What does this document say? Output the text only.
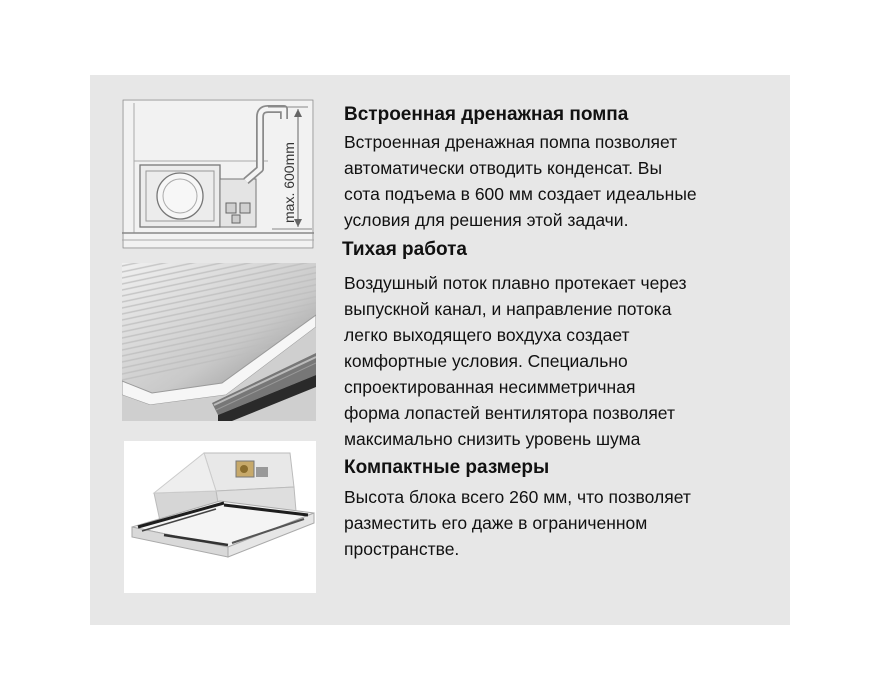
max. 600mm
Встроенная дренажная помпа
Встроенная дренажная помпа позволяет
автоматически отводить конденсат. Вы
сота подъема в 600 мм создает идеальные
условия для решения этой задачи.
Тихая работа
Воздушный поток плавно протекает через
выпускной канал, и направление потока
легко выходящего вохдуха создает
комфортные условия. Специально
спроектированная несимметричная
форма лопастей вентилятора позволяет
максимально снизить уровень шума
Компактные размеры
Высота блока всего 260 мм, что позволяет
разместить его даже в ограниченном
пространстве.
